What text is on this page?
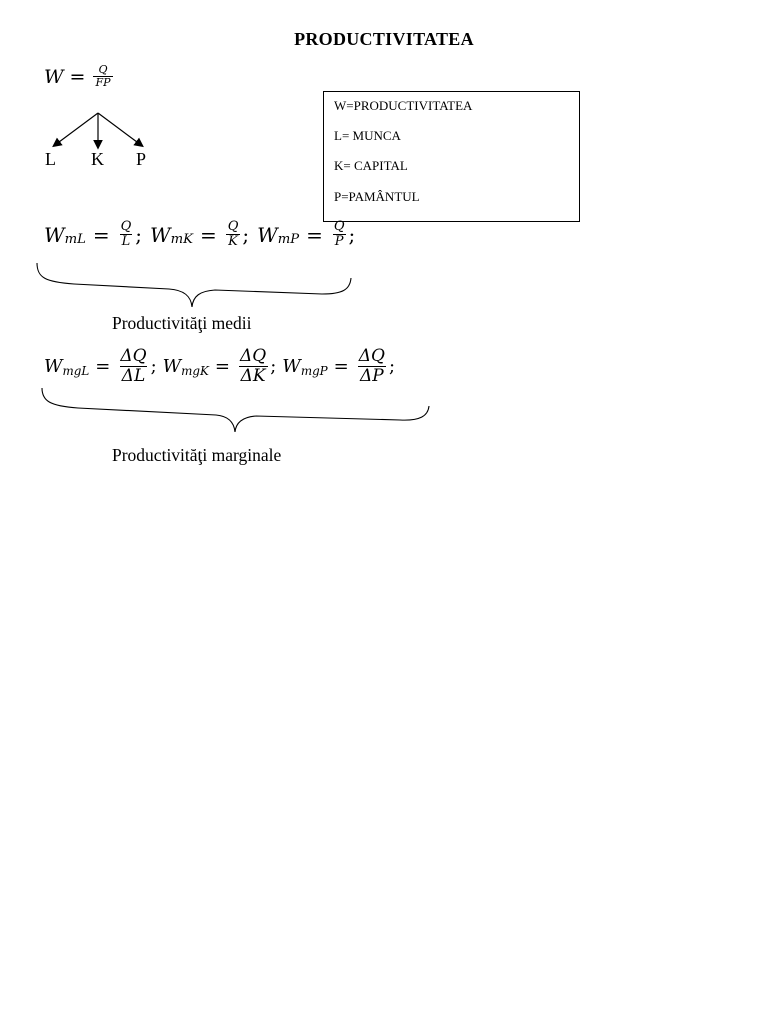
PRODUCTIVITATEA
$W = \frac{Q}{FP}$
L K P
W=PRODUCTIVITATEA
L= MUNCA
K= CAPITAL
P=PAMÂNTUL
W mL = $\frac{Q}{L}$ ; W mK = $\frac{Q}{K}$ ; W mP = $\frac{Q}{P}$ ;
Productivităţi medii
W mgL = $\frac{\Delta Q}{\Delta L}$ ; W mgK = $\frac{\Delta Q}{\Delta K}$ ; W mgP = $\frac{\Delta Q}{\Delta P}$ ;
Productivităţi marginale
